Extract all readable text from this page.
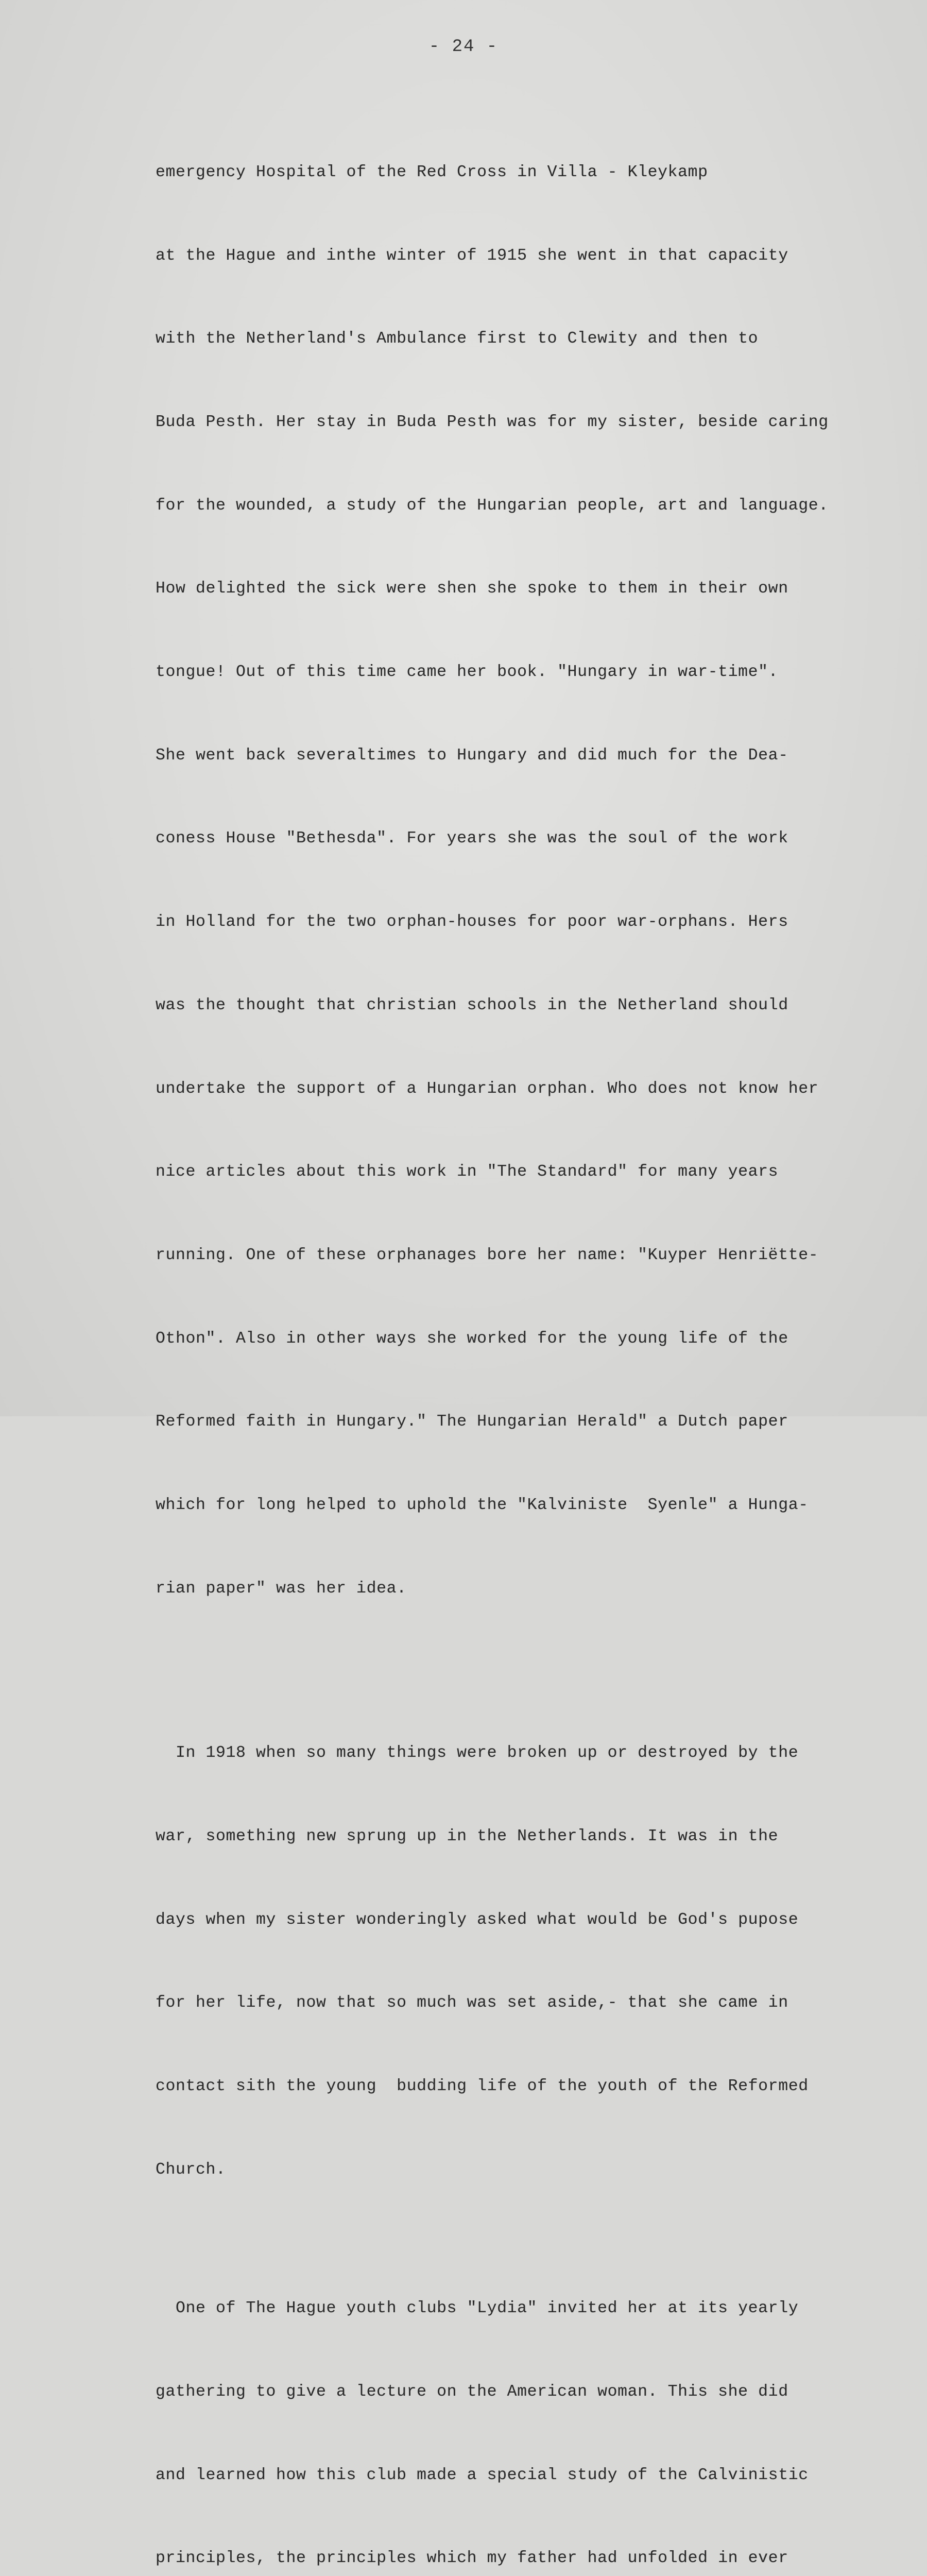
- 24 -

emergency Hospital of the Red Cross in Villa - Kleykamp

at the Hague and inthe winter of 1915 she went in that capacity

with the Netherland's Ambulance first to Clewity and then to

Buda Pesth. Her stay in Buda Pesth was for my sister, beside caring

for the wounded, a study of the Hungarian people, art and language.

How delighted the sick were shen she spoke to them in their own

tongue! Out of this time came her book. "Hungary in war-time".

She went back severaltimes to Hungary and did much for the Dea-

coness House "Bethesda". For years she was the soul of the work

in Holland for the two orphan-houses for poor war-orphans. Hers

was the thought that christian schools in the Netherland should

undertake the support of a Hungarian orphan. Who does not know her

nice articles about this work in "The Standard" for many years

running. One of these orphanages bore her name: "Kuyper Henriëtte-

Othon". Also in other ways she worked for the young life of the

Reformed faith in Hungary." The Hungarian Herald" a Dutch paper

which for long helped to uphold the "Kalviniste  Syenle" a Hunga-

rian paper" was her idea.

In 1918 when so many things were broken up or destroyed by the

war, something new sprung up in the Netherlands. It was in the

days when my sister wonderingly asked what would be God's pupose

for her life, now that so much was set aside,- that she came in

contact sith the young  budding life of the youth of the Reformed

Church.

One of The Hague youth clubs "Lydia" invited her at its yearly

gathering to give a lecture on the American woman. This she did

and learned how this club made a special study of the Calvinistic

principles, the principles which my father had unfolded in ever
